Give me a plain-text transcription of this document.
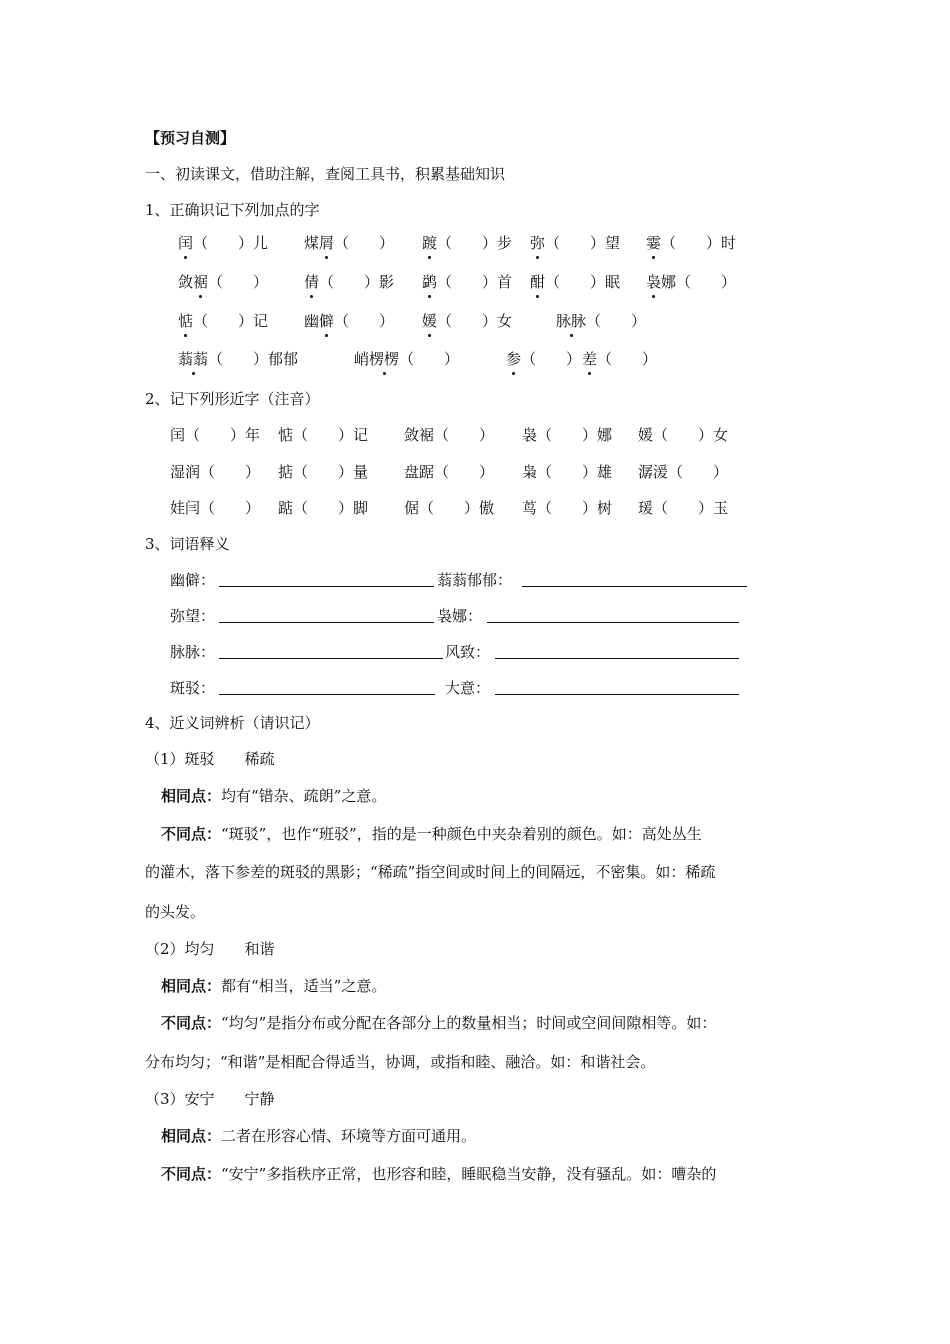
【预习自测】
一、初读课文，借助注解，查阅工具书，积累基础知识
1、正确识记下列加点的字
闰（　　）儿 煤屑（　　） 踱（　　）步 弥（　　）望 霎（　　）时
敛裾（　　） 倩（　　）影 鹢（　　）首 酣（　　）眠 袅娜（　　）
惦（　　）记 幽僻（　　） 媛（　　）女	脉脉（　　）
蓊蓊（　　）郁郁	峭楞楞（　　）	参（　　） 差（　　）
2、记下列形近字（注音）
闰（　　）年 惦（　　）记 敛裾（　　） 袅（　　）娜 媛（　　）女
湿润（　　） 掂（　　）量 盘踞（　　） 枭（　　）雄 潺湲（　　）
娃闫（　　） 踮（　　）脚 倨（　　）傲 茑（　　）树 瑗（　　）玉
3、词语释义
幽僻：	蓊蓊郁郁：
弥望：	袅娜：
脉脉：	风致：
斑驳：	大意：
4、近义词辨析（请识记）
（1）斑驳　　稀疏
相同点：均有“错杂、疏朗”之意。
不同点：“斑驳”，也作“班驳”，指的是一种颜色中夹杂着别的颜色。如：高处丛生
的灌木，落下参差的斑驳的黑影；“稀疏”指空间或时间上的间隔远，不密集。如：稀疏
的头发。
（2）均匀　　和谐
相同点：都有“相当，适当”之意。
不同点：“均匀”是指分布或分配在各部分上的数量相当；时间或空间间隙相等。如：
分布均匀；“和谐”是相配合得适当，协调，或指和睦、融洽。如：和谐社会。
（3）安宁　　宁静
相同点：二者在形容心情、环境等方面可通用。
不同点：“安宁”多指秩序正常，也形容和睦，睡眠稳当安静，没有骚乱。如：嘈杂的
